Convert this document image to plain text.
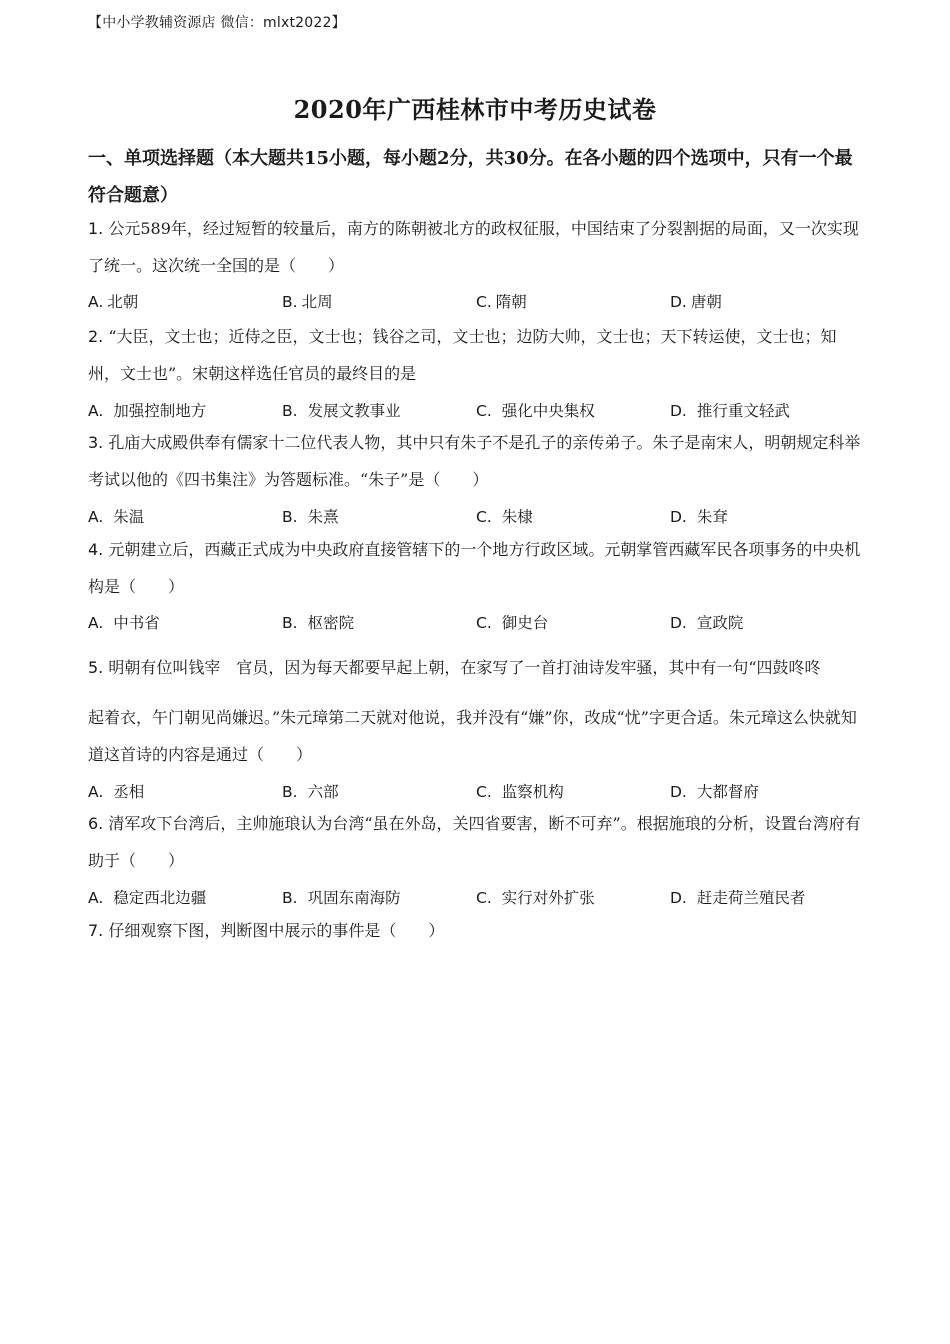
【中小学教辅资源店 微信：mlxt2022】
2020年广西桂林市中考历史试卷
一、单项选择题（本大题共15小题，每小题2分，共30分。在各小题的四个选项中，只有一个最符合题意）
1. 公元589年，经过短暂的较量后，南方的陈朝被北方的政权征服，中国结束了分裂割据的局面，又一次实现了统一。这次统一全国的是（　　）
A. 北朝	B. 北周	C. 隋朝	D. 唐朝
2. “大臣，文士也；近侍之臣，文士也；钱谷之司，文士也；边防大帅，文士也；天下转运使，文士也；知州，文士也”。宋朝这样选任官员的最终目的是
A. 加强控制地方	B. 发展文教事业	C. 强化中央集权	D. 推行重文轻武
3. 孔庙大成殿供奉有儒家十二位代表人物，其中只有朱子不是孔子的亲传弟子。朱子是南宋人，明朝规定科举考试以他的《四书集注》为答题标准。“朱子”是（　　）
A. 朱温	B. 朱熹	C. 朱棣	D. 朱耷
4. 元朝建立后，西藏正式成为中央政府直接管辖下的一个地方行政区域。元朝掌管西藏军民各项事务的中央机构是（　　）
A. 中书省	B. 枢密院	C. 御史台	D. 宣政院
5. 明朝有位叫钱宰　官员，因为每天都要早起上朝，在家写了一首打油诗发牢骚，其中有一句“四鼓咚咚
起着衣，午门朝见尚嫌迟。”朱元璋第二天就对他说，我并没有“嫌”你，改成“忧”字更合适。朱元璋这么快就知道这首诗的内容是通过（　　）
A. 丞相	B. 六部	C. 监察机构	D. 大都督府
6. 清军攻下台湾后，主帅施琅认为台湾“虽在外岛，关四省要害，断不可弃”。根据施琅的分析，设置台湾府有助于（　　）
A. 稳定西北边疆	B. 巩固东南海防	C. 实行对外扩张	D. 赶走荷兰殖民者
7. 仔细观察下图，判断图中展示的事件是（　　）
